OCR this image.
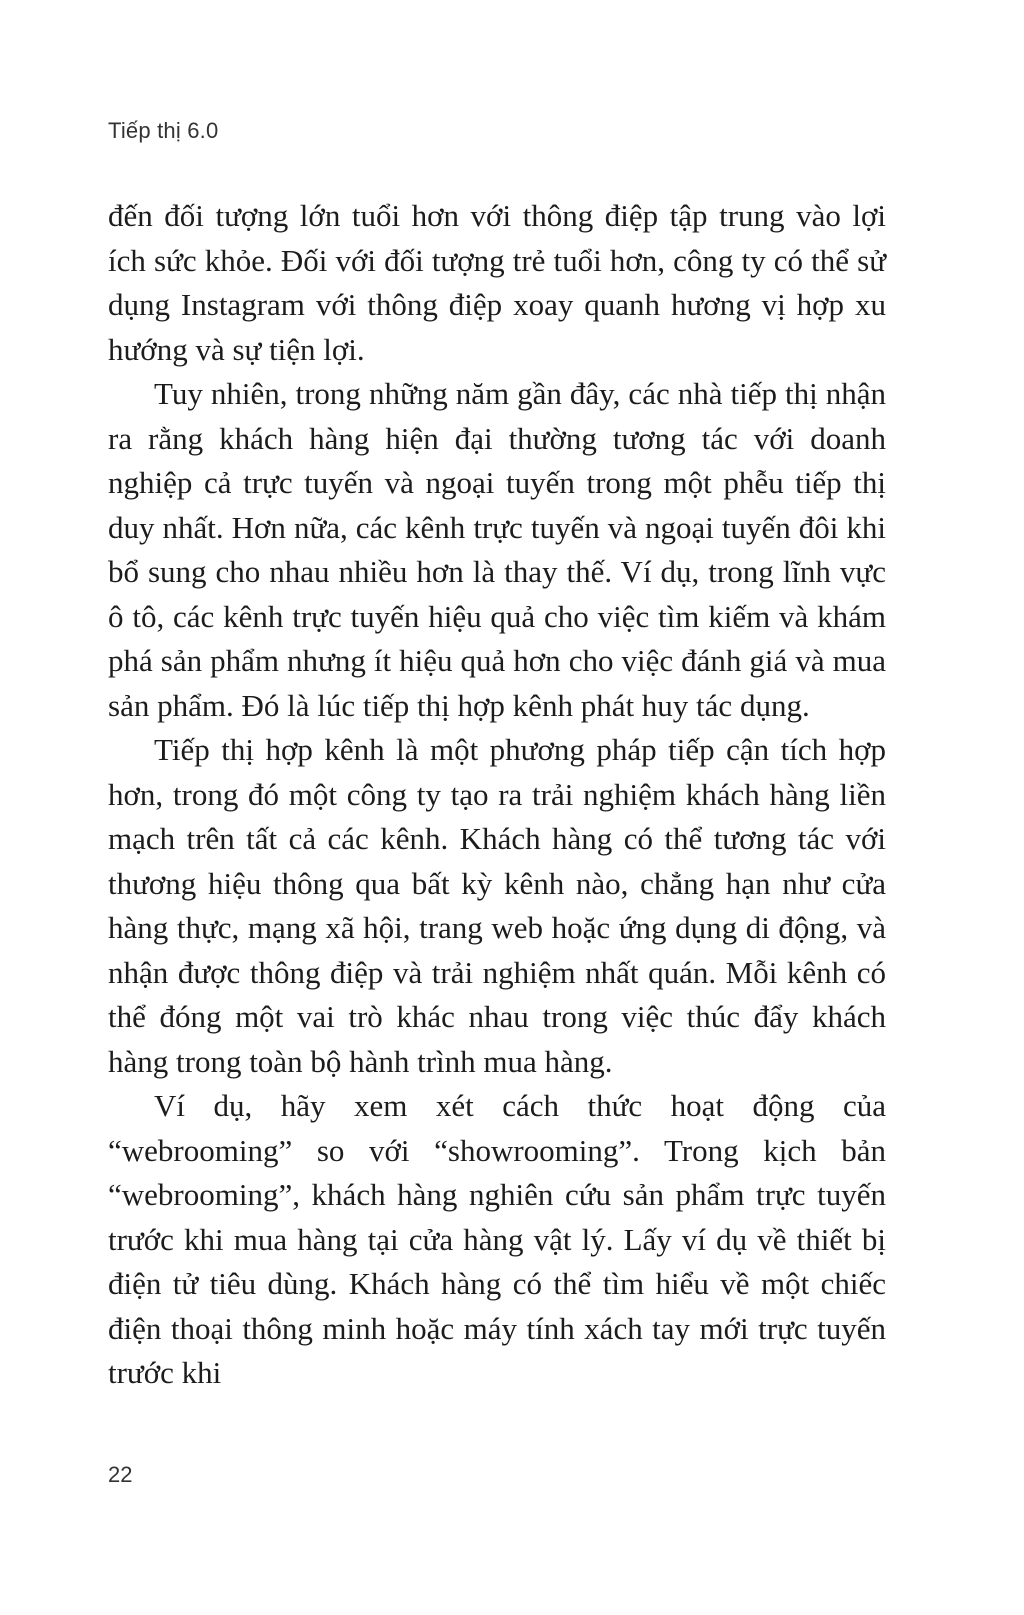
Tiếp thị 6.0

đến đối tượng lớn tuổi hơn với thông điệp tập trung vào lợi ích sức khỏe. Đối với đối tượng trẻ tuổi hơn, công ty có thể sử dụng Instagram với thông điệp xoay quanh hương vị hợp xu hướng và sự tiện lợi.

Tuy nhiên, trong những năm gần đây, các nhà tiếp thị nhận ra rằng khách hàng hiện đại thường tương tác với doanh nghiệp cả trực tuyến và ngoại tuyến trong một phễu tiếp thị duy nhất. Hơn nữa, các kênh trực tuyến và ngoại tuyến đôi khi bổ sung cho nhau nhiều hơn là thay thế. Ví dụ, trong lĩnh vực ô tô, các kênh trực tuyến hiệu quả cho việc tìm kiếm và khám phá sản phẩm nhưng ít hiệu quả hơn cho việc đánh giá và mua sản phẩm. Đó là lúc tiếp thị hợp kênh phát huy tác dụng.

Tiếp thị hợp kênh là một phương pháp tiếp cận tích hợp hơn, trong đó một công ty tạo ra trải nghiệm khách hàng liền mạch trên tất cả các kênh. Khách hàng có thể tương tác với thương hiệu thông qua bất kỳ kênh nào, chẳng hạn như cửa hàng thực, mạng xã hội, trang web hoặc ứng dụng di động, và nhận được thông điệp và trải nghiệm nhất quán. Mỗi kênh có thể đóng một vai trò khác nhau trong việc thúc đẩy khách hàng trong toàn bộ hành trình mua hàng.

Ví dụ, hãy xem xét cách thức hoạt động của “webrooming” so với “showrooming”. Trong kịch bản “webrooming”, khách hàng nghiên cứu sản phẩm trực tuyến trước khi mua hàng tại cửa hàng vật lý. Lấy ví dụ về thiết bị điện tử tiêu dùng. Khách hàng có thể tìm hiểu về một chiếc điện thoại thông minh hoặc máy tính xách tay mới trực tuyến trước khi

22
